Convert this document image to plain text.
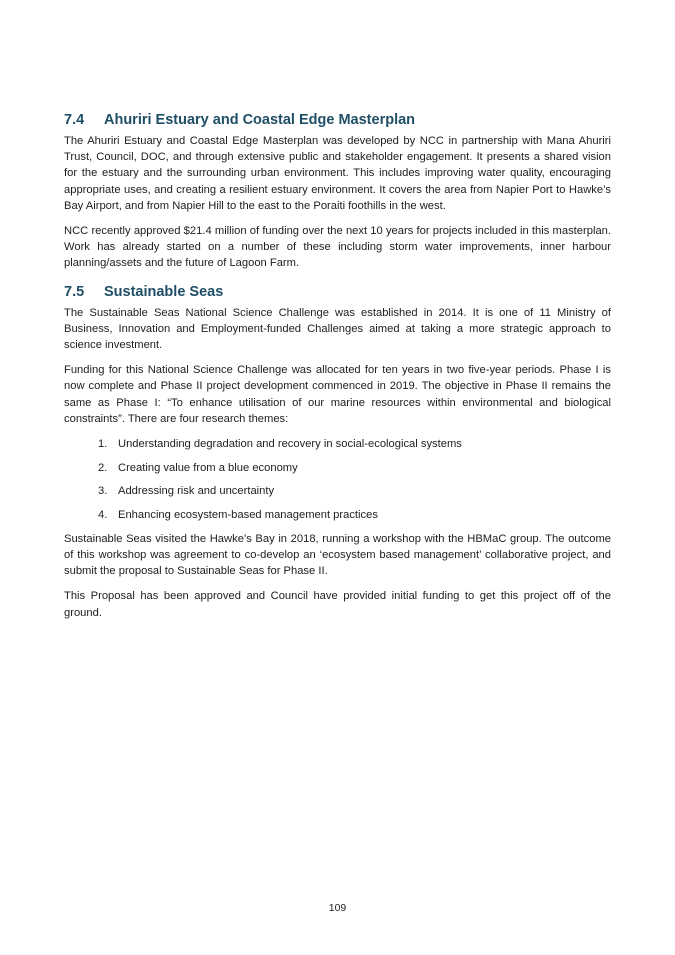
7.4	Ahuriri Estuary and Coastal Edge Masterplan

The Ahuriri Estuary and Coastal Edge Masterplan was developed by NCC in partnership with Mana Ahuriri Trust, Council, DOC, and through extensive public and stakeholder engagement. It presents a shared vision for the estuary and the surrounding urban environment. This includes improving water quality, encouraging appropriate uses, and creating a resilient estuary environment. It covers the area from Napier Port to Hawke’s Bay Airport, and from Napier Hill to the east to the Poraiti foothills in the west.

NCC recently approved $21.4 million of funding over the next 10 years for projects included in this masterplan. Work has already started on a number of these including storm water improvements, inner harbour planning/assets and the future of Lagoon Farm.

7.5	Sustainable Seas

The Sustainable Seas National Science Challenge was established in 2014. It is one of 11 Ministry of Business, Innovation and Employment-funded Challenges aimed at taking a more strategic approach to science investment.

Funding for this National Science Challenge was allocated for ten years in two five-year periods. Phase I is now complete and Phase II project development commenced in 2019. The objective in Phase II remains the same as Phase I: “To enhance utilisation of our marine resources within environmental and biological constraints”. There are four research themes:

1. Understanding degradation and recovery in social-ecological systems
2. Creating value from a blue economy
3. Addressing risk and uncertainty
4. Enhancing ecosystem-based management practices

Sustainable Seas visited the Hawke’s Bay in 2018, running a workshop with the HBMaC group. The outcome of this workshop was agreement to co-develop an ‘ecosystem based management’ collaborative project, and submit the proposal to Sustainable Seas for Phase II.

This Proposal has been approved and Council have provided initial funding to get this project off of the ground.

109
